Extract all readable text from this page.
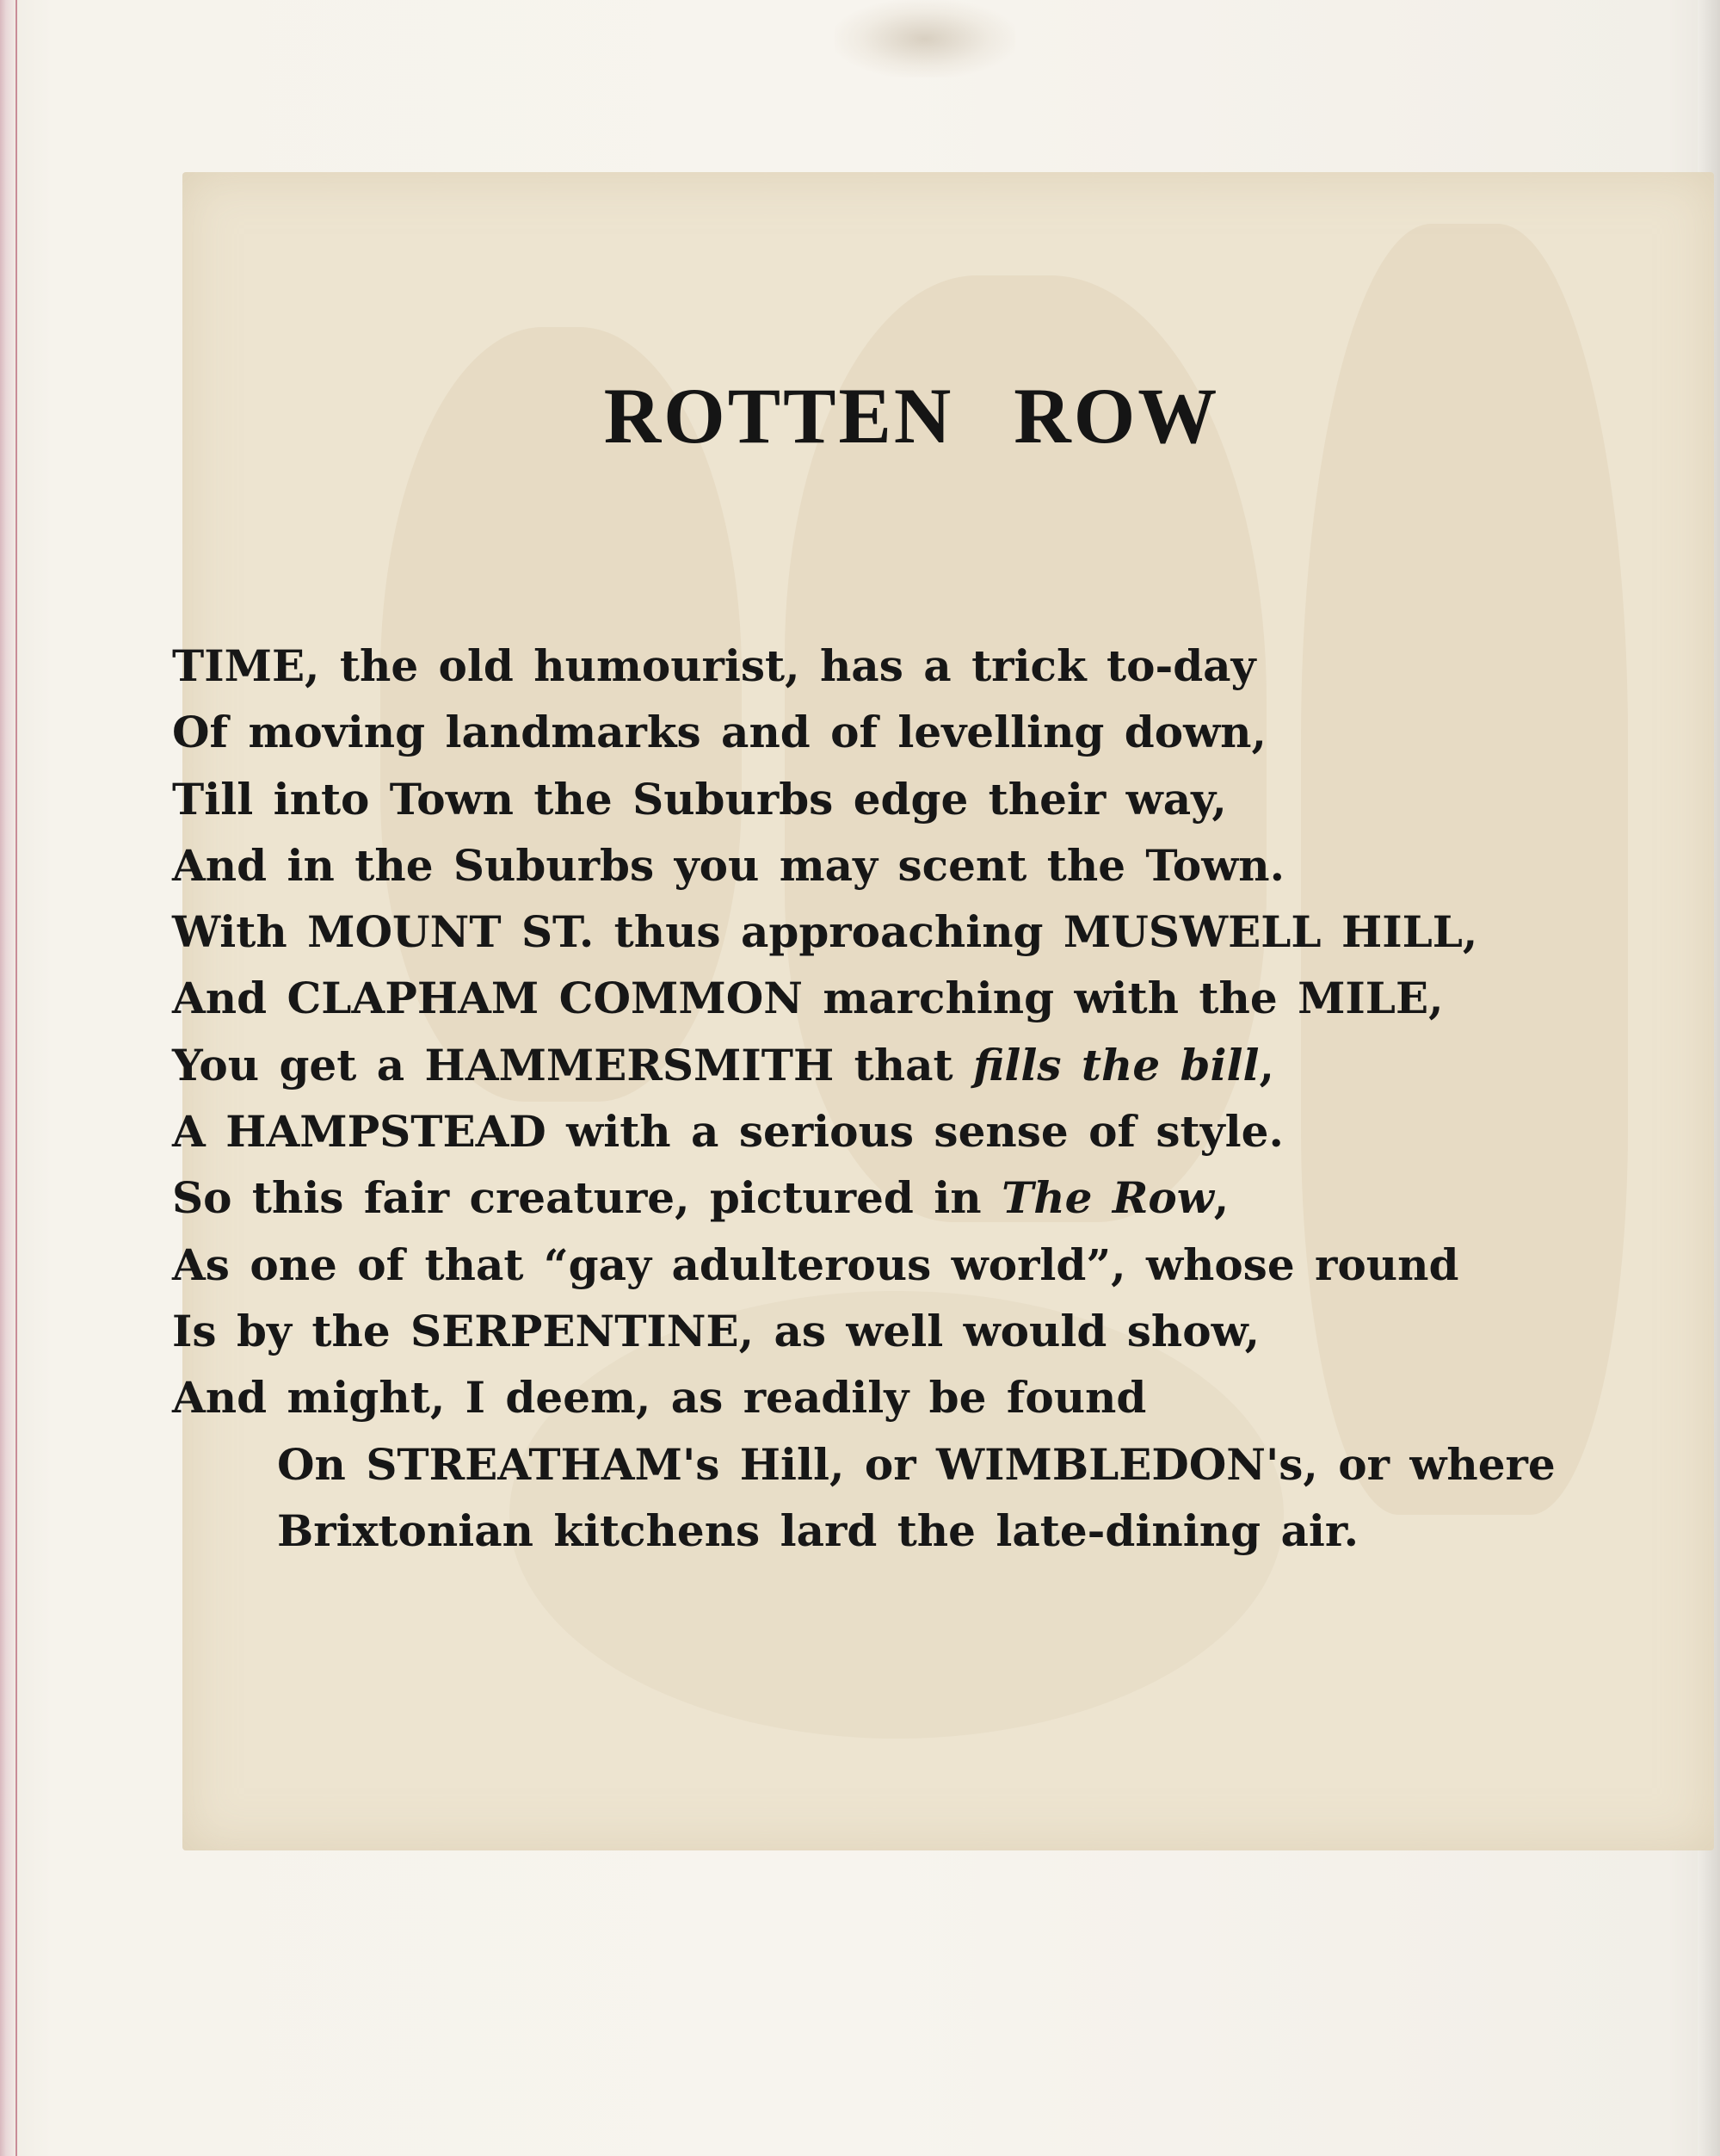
ROTTEN ROW
TIME, the old humourist, has a trick to-day
Of moving landmarks and of levelling down,
Till into Town the Suburbs edge their way,
And in the Suburbs you may scent the Town.
With MOUNT ST. thus approaching MUSWELL HILL,
And CLAPHAM COMMON marching with the MILE,
You get a HAMMERSMITH that fills the bill,
A HAMPSTEAD with a serious sense of style.
So this fair creature, pictured in The Row,
As one of that “gay adulterous world”, whose round
Is by the SERPENTINE, as well would show,
And might, I deem, as readily be found
On STREATHAM's Hill, or WIMBLEDON's, or where
Brixtonian kitchens lard the late-dining air.
